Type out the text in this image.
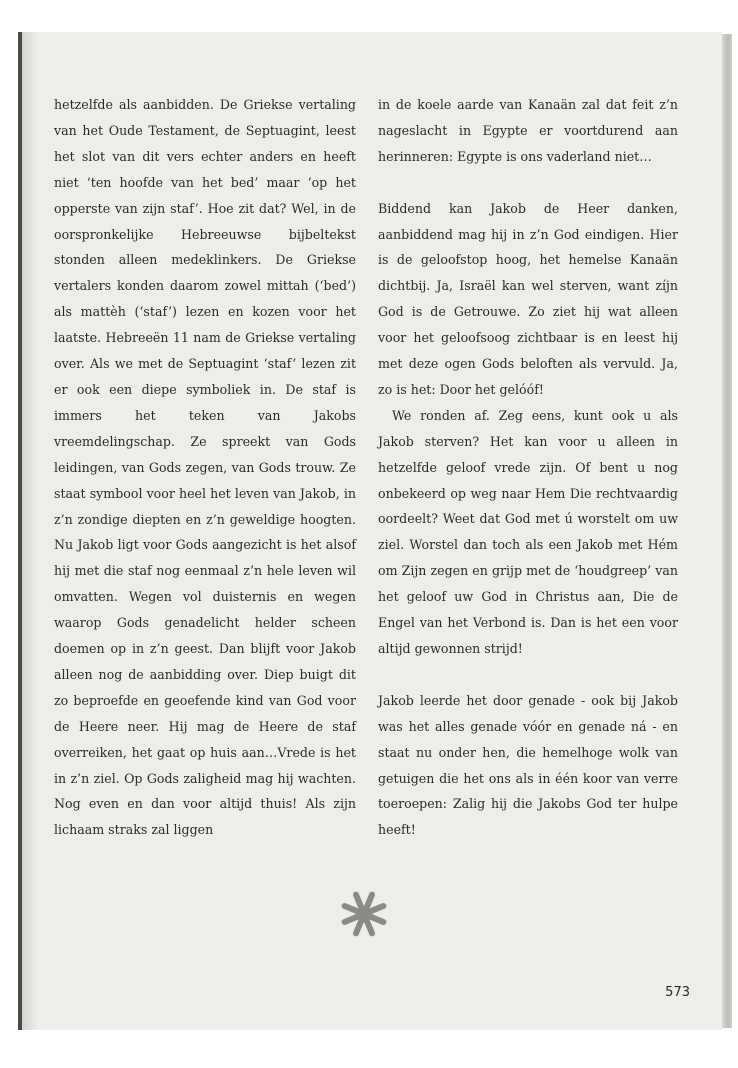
hetzelfde als aanbidden. De Griekse vertaling van het Oude Testament, de Septuagint, leest het slot van dit vers echter anders en heeft niet ‘ten hoofde van het bed’ maar ‘op het opperste van zijn staf’. Hoe zit dat? Wel, in de oorspronkelijke Hebreeuwse bijbeltekst stonden alleen medeklinkers. De Griekse vertalers konden daarom zowel mittah (‘bed’) als mattèh (‘staf’) lezen en kozen voor het laatste. Hebreeën 11 nam de Griekse vertaling over. Als we met de Septuagint ‘staf’ lezen zit er ook een diepe symboliek in. De staf is immers het teken van Jakobs vreemdelingschap. Ze spreekt van Gods leidingen, van Gods zegen, van Gods trouw. Ze staat symbool voor heel het leven van Jakob, in z’n zondige diepten en z’n geweldige hoogten. Nu Jakob ligt voor Gods aangezicht is het alsof hij met die staf nog eenmaal z’n hele leven wil omvatten. Wegen vol duisternis en wegen waarop Gods genadelicht helder scheen doemen op in z’n geest. Dan blijft voor Jakob alleen nog de aanbidding over. Diep buigt dit zo beproefde en geoefende kind van God voor de Heere neer. Hij mag de Heere de staf overreiken, het gaat op huis aan…Vrede is het in z’n ziel. Op Gods zaligheid mag hij wachten. Nog even en dan voor altijd thuis! Als zijn lichaam straks zal liggen

in de koele aarde van Kanaän zal dat feit z’n nageslacht in Egypte er voortdurend aan herinneren: Egypte is ons vaderland niet…

Biddend kan Jakob de Heer danken, aanbiddend mag hij in z’n God eindigen. Hier is de geloofstop hoog, het hemelse Kanaän dichtbij. Ja, Israël kan wel sterven, want zíjn God is de Getrouwe. Zo ziet hij wat alleen voor het geloofsoog zichtbaar is en leest hij met deze ogen Gods beloften als vervuld. Ja, zo is het: Door het gelóóf!

We ronden af. Zeg eens, kunt ook u als Jakob sterven? Het kan voor u alleen in hetzelfde geloof vrede zijn. Of bent u nog onbekeerd op weg naar Hem Die rechtvaardig oordeelt? Weet dat God met ú worstelt om uw ziel. Worstel dan toch als een Jakob met Hém om Zijn zegen en grijp met de ‘houdgreep’ van het geloof uw God in Christus aan, Die de Engel van het Verbond is. Dan is het een voor altijd gewonnen strijd!

Jakob leerde het door genade - ook bij Jakob was het alles genade vóór en genade ná - en staat nu onder hen, die hemelhoge wolk van getuigen die het ons als in één koor van verre toeroepen: Zalig hij die Jakobs God ter hulpe heeft!

573
